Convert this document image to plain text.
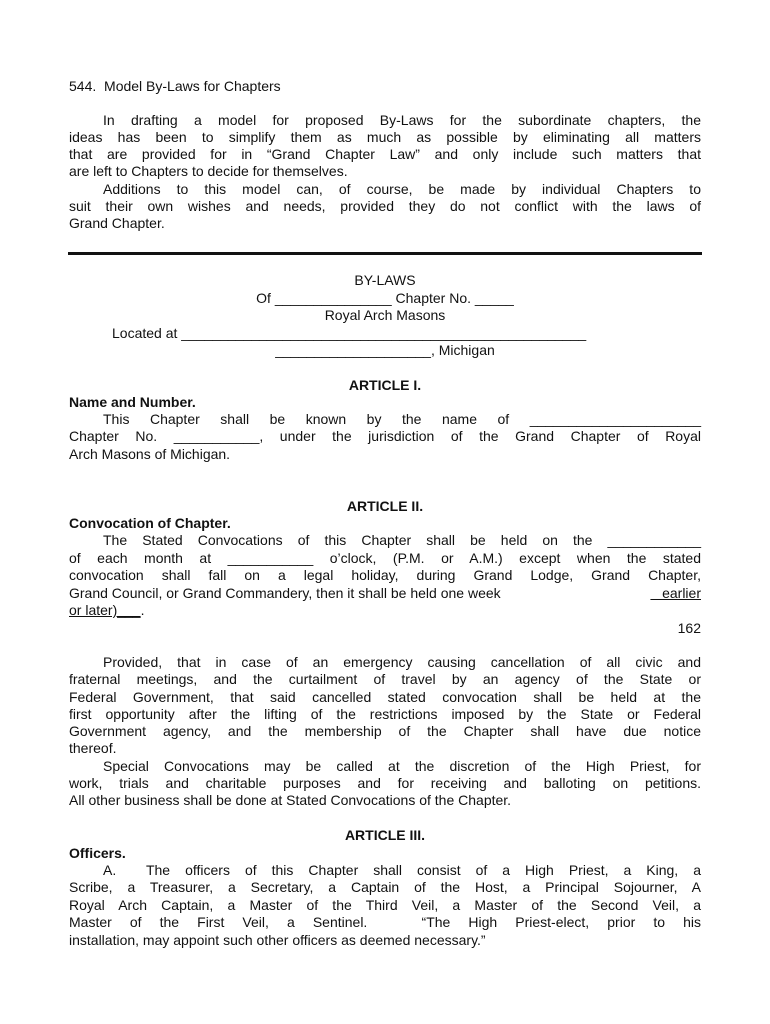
544.  Model By-Laws for Chapters
In drafting a model for proposed By-Laws for the subordinate chapters, the
ideas has been to simplify them as much as possible by eliminating all matters
that are provided for in “Grand Chapter Law” and only include such matters that
are left to Chapters to decide for themselves.
Additions to this model can, of course, be made by individual Chapters to
suit their own wishes and needs, provided they do not conflict with the laws of
Grand Chapter.
BY-LAWS
Of _______________ Chapter No. _____
Royal Arch Masons
Located at ____________________________________________________
____________________, Michigan
ARTICLE I.
Name and Number.
This Chapter shall be known by the name of ______________________
Chapter No. ___________, under the jurisdiction of the Grand Chapter of Royal
Arch Masons of Michigan.
ARTICLE II.
Convocation of Chapter.
The Stated Convocations of this Chapter shall be held on the ____________
of each month at ___________ o’clock, (P.M. or A.M.) except when the stated
convocation shall fall on a legal holiday, during Grand Lodge, Grand Chapter,
Grand Council, or Grand Commandery, then it shall be held one week	earlier
or later)___.
162
Provided, that in case of an emergency causing cancellation of all civic and
fraternal meetings, and the curtailment of travel by an agency of the State or
Federal Government, that said cancelled stated convocation shall be held at the
first opportunity after the lifting of the restrictions imposed by the State or Federal
Government agency, and the membership of the Chapter shall have due notice
thereof.
Special Convocations may be called at the discretion of the High Priest, for
work, trials and charitable purposes and for receiving and balloting on petitions.
All other business shall be done at Stated Convocations of the Chapter.
ARTICLE III.
Officers.
A.  The officers of this Chapter shall consist of a High Priest, a King, a
Scribe, a Treasurer, a Secretary, a Captain of the Host, a Principal Sojourner, A
Royal Arch Captain, a Master of the Third Veil, a Master of the Second Veil, a
Master of the First Veil, a Sentinel.   “The High Priest-elect, prior to his
installation, may appoint such other officers as deemed necessary.”
